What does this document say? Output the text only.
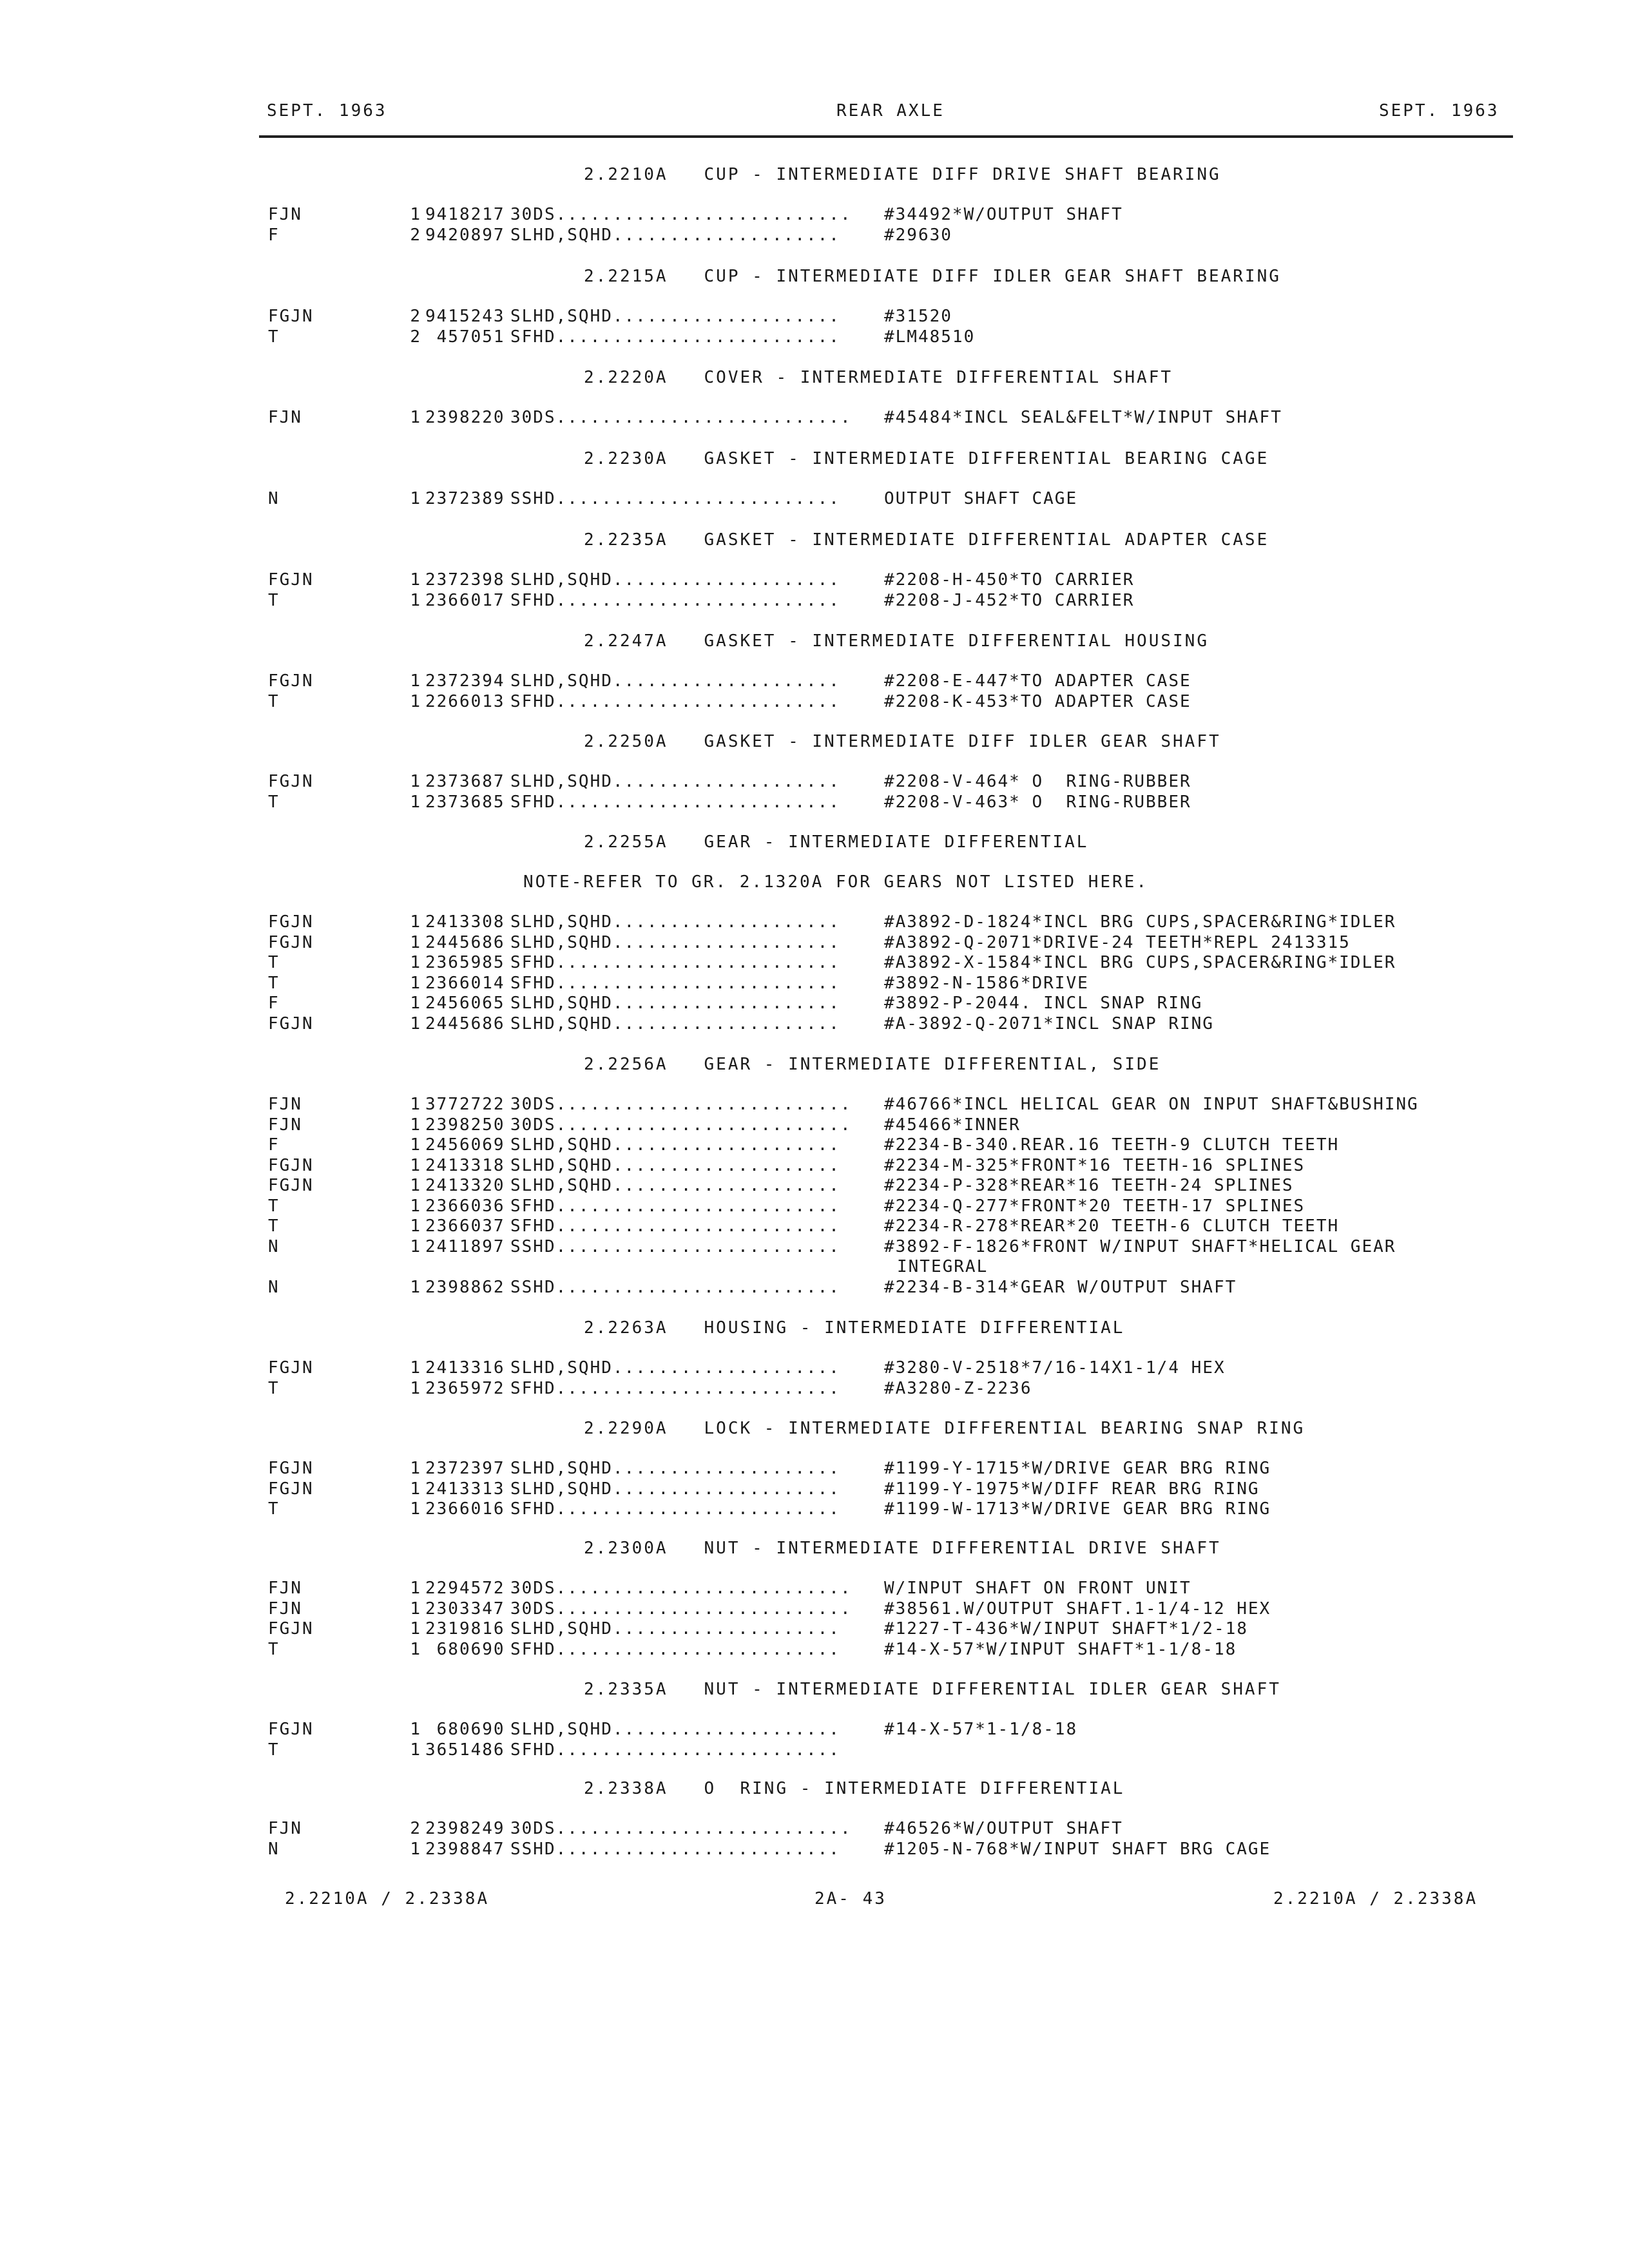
SEPT. 1963	REAR AXLE	SEPT. 1963
2.2210A   CUP - INTERMEDIATE DIFF DRIVE SHAFT BEARING
FJN	1 9418217 30DS.......................... #34492*W/OUTPUT SHAFT
F	2 9420897 SLHD,SQHD....................	#29630
2.2215A   CUP - INTERMEDIATE DIFF IDLER GEAR SHAFT BEARING
FGJN	2 9415243 SLHD,SQHD....................	#31520
T	2 457051 SFHD.........................	#LM48510
2.2220A   COVER - INTERMEDIATE DIFFERENTIAL SHAFT
FJN	1 2398220 30DS.......................... #45484*INCL SEAL&FELT*W/INPUT SHAFT
2.2230A   GASKET - INTERMEDIATE DIFFERENTIAL BEARING CAGE
N	1 2372389 SSHD.........................	OUTPUT SHAFT CAGE
2.2235A   GASKET - INTERMEDIATE DIFFERENTIAL ADAPTER CASE
FGJN	1 2372398 SLHD,SQHD....................	#2208-H-450*TO CARRIER
T	1 2366017 SFHD.........................	#2208-J-452*TO CARRIER
2.2247A   GASKET - INTERMEDIATE DIFFERENTIAL HOUSING
FGJN	1 2372394 SLHD,SQHD....................	#2208-E-447*TO ADAPTER CASE
T	1 2266013 SFHD.........................	#2208-K-453*TO ADAPTER CASE
2.2250A   GASKET - INTERMEDIATE DIFF IDLER GEAR SHAFT
FGJN	1 2373687 SLHD,SQHD....................	#2208-V-464* O  RING-RUBBER
T	1 2373685 SFHD.........................	#2208-V-463* O  RING-RUBBER
2.2255A   GEAR - INTERMEDIATE DIFFERENTIAL
NOTE-REFER TO GR. 2.1320A FOR GEARS NOT LISTED HERE.
FGJN	1 2413308 SLHD,SQHD....................	#A3892-D-1824*INCL BRG CUPS,SPACER&RING*IDLER
FGJN	1 2445686 SLHD,SQHD....................	#A3892-Q-2071*DRIVE-24 TEETH*REPL 2413315
T	1 2365985 SFHD.........................	#A3892-X-1584*INCL BRG CUPS,SPACER&RING*IDLER
T	1 2366014 SFHD.........................	#3892-N-1586*DRIVE
F	1 2456065 SLHD,SQHD....................	#3892-P-2044. INCL SNAP RING
FGJN	1 2445686 SLHD,SQHD....................	#A-3892-Q-2071*INCL SNAP RING
2.2256A   GEAR - INTERMEDIATE DIFFERENTIAL, SIDE
FJN	1 3772722 30DS.......................... #46766*INCL HELICAL GEAR ON INPUT SHAFT&BUSHING
FJN	1 2398250 30DS.......................... #45466*INNER
F	1 2456069 SLHD,SQHD....................	#2234-B-340.REAR.16 TEETH-9 CLUTCH TEETH
FGJN	1 2413318 SLHD,SQHD....................	#2234-M-325*FRONT*16 TEETH-16 SPLINES
FGJN	1 2413320 SLHD,SQHD....................	#2234-P-328*REAR*16 TEETH-24 SPLINES
T	1 2366036 SFHD.........................	#2234-Q-277*FRONT*20 TEETH-17 SPLINES
T	1 2366037 SFHD.........................	#2234-R-278*REAR*20 TEETH-6 CLUTCH TEETH
N	1 2411897 SSHD.........................	#3892-F-1826*FRONT W/INPUT SHAFT*HELICAL GEAR
INTEGRAL
N	1 2398862 SSHD.........................	#2234-B-314*GEAR W/OUTPUT SHAFT
2.2263A   HOUSING - INTERMEDIATE DIFFERENTIAL
FGJN	1 2413316 SLHD,SQHD....................	#3280-V-2518*7/16-14X1-1/4 HEX
T	1 2365972 SFHD.........................	#A3280-Z-2236
2.2290A   LOCK - INTERMEDIATE DIFFERENTIAL BEARING SNAP RING
FGJN	1 2372397 SLHD,SQHD....................	#1199-Y-1715*W/DRIVE GEAR BRG RING
FGJN	1 2413313 SLHD,SQHD....................	#1199-Y-1975*W/DIFF REAR BRG RING
T	1 2366016 SFHD.........................	#1199-W-1713*W/DRIVE GEAR BRG RING
2.2300A   NUT - INTERMEDIATE DIFFERENTIAL DRIVE SHAFT
FJN	1 2294572 30DS.......................... W/INPUT SHAFT ON FRONT UNIT
FJN	1 2303347 30DS.......................... #38561.W/OUTPUT SHAFT.1-1/4-12 HEX
FGJN	1 2319816 SLHD,SQHD....................	#1227-T-436*W/INPUT SHAFT*1/2-18
T	1 680690 SFHD.........................	#14-X-57*W/INPUT SHAFT*1-1/8-18
2.2335A   NUT - INTERMEDIATE DIFFERENTIAL IDLER GEAR SHAFT
FGJN	1 680690 SLHD,SQHD....................	#14-X-57*1-1/8-18
T	1 3651486 SFHD.........................
2.2338A   O  RING - INTERMEDIATE DIFFERENTIAL
FJN	2 2398249 30DS.......................... #46526*W/OUTPUT SHAFT
N	1 2398847 SSHD.........................	#1205-N-768*W/INPUT SHAFT BRG CAGE
2.2210A / 2.2338A	2A- 43	2.2210A / 2.2338A
